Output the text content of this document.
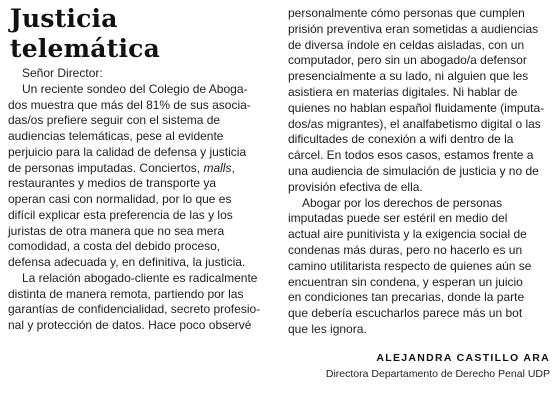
Justicia telemática

Señor Director:

Un reciente sondeo del Colegio de Aboga-

dos muestra que más del 81% de sus asocia-

das/os prefiere seguir con el sistema de

audiencias telemáticas, pese al evidente

perjuicio para la calidad de defensa y justicia

de personas imputadas. Conciertos, malls,

restaurantes y medios de transporte ya

operan casi con normalidad, por lo que es

difícil explicar esta preferencia de las y los

juristas de otra manera que no sea mera

comodidad, a costa del debido proceso,

defensa adecuada y, en definitiva, la justicia.

La relación abogado-cliente es radicalmente

distinta de manera remota, partiendo por las

garantías de confidencialidad, secreto profesio-

nal y protección de datos. Hace poco observé

personalmente cómo personas que cumplen

prisión preventiva eran sometidas a audiencias

de diversa índole en celdas aisladas, con un

computador, pero sin un abogado/a defensor

presencialmente a su lado, ni alguien que les

asistiera en materias digitales. Ni hablar de

quienes no hablan español fluidamente (imputa-

dos/as migrantes), el analfabetismo digital o las

dificultades de conexión a wifi dentro de la

cárcel. En todos esos casos, estamos frente a

una audiencia de simulación de justicia y no de

provisión efectiva de ella.

Abogar por los derechos de personas

imputadas puede ser estéril en medio del

actual aire punitivista y la exigencia social de

condenas más duras, pero no hacerlo es un

camino utilitarista respecto de quienes aún se

encuentran sin condena, y esperan un juicio

en condiciones tan precarias, donde la parte

que debería escucharlos parece más un bot

que les ignora.

ALEJANDRA CASTILLO ARA
Directora Departamento de Derecho Penal UDP
